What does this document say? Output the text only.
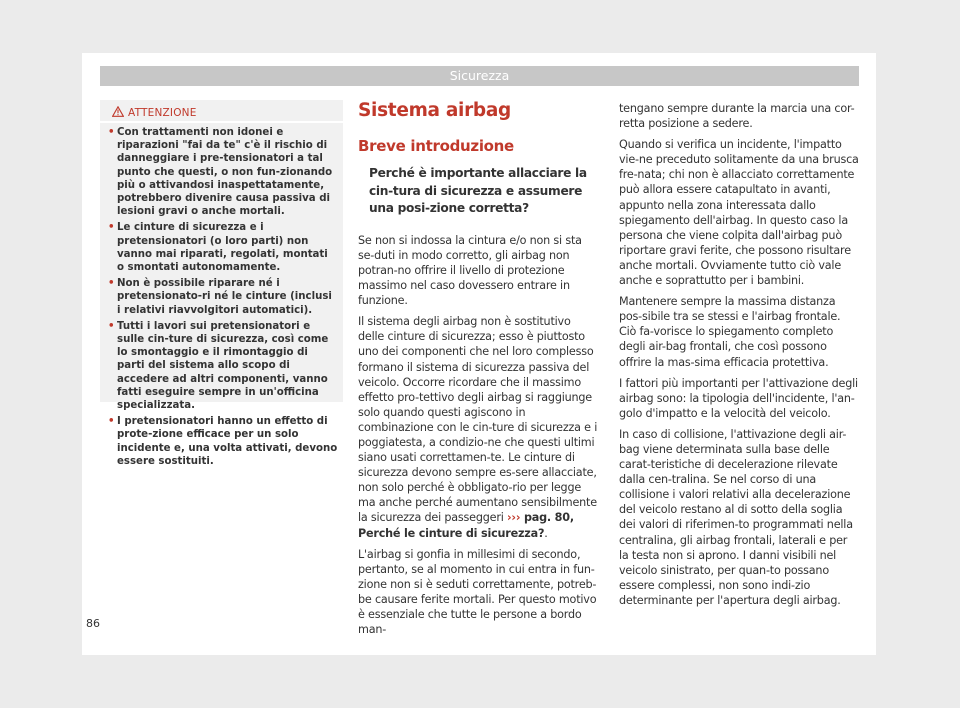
Sicurezza
ATTENZIONE
• Con trattamenti non idonei e riparazioni "fai da te" c'è il rischio di danneggiare i pre-tensionatori a tal punto che questi, o non fun-zionando più o attivandosi inaspettatamente, potrebbero divenire causa passiva di lesioni gravi o anche mortali.
• Le cinture di sicurezza e i pretensionatori (o loro parti) non vanno mai riparati, regolati, montati o smontati autonomamente.
• Non è possibile riparare né i pretensionato-ri né le cinture (inclusi i relativi riavvolgitori automatici).
• Tutti i lavori sui pretensionatori e sulle cin-ture di sicurezza, così come lo smontaggio e il rimontaggio di parti del sistema allo scopo di accedere ad altri componenti, vanno fatti eseguire sempre in un'officina specializzata.
• I pretensionatori hanno un effetto di prote-zione efficace per un solo incidente e, una volta attivati, devono essere sostituiti.
Sistema airbag
Breve introduzione
Perché è importante allacciare la cin-tura di sicurezza e assumere una posi-zione corretta?

Se non si indossa la cintura e/o non si sta se-duti in modo corretto, gli airbag non potran-no offrire il livello di protezione massimo nel caso dovessero entrare in funzione.

Il sistema degli airbag non è sostitutivo delle cinture di sicurezza; esso è piuttosto uno dei componenti che nel loro complesso formano il sistema di sicurezza passiva del veicolo. Occorre ricordare che il massimo effetto pro-tettivo degli airbag si raggiunge solo quando questi agiscono in combinazione con le cin-ture di sicurezza e i poggiatesta, a condizio-ne che questi ultimi siano usati correttamen-te. Le cinture di sicurezza devono sempre es-sere allacciate, non solo perché è obbligato-rio per legge ma anche perché aumentano sensibilmente la sicurezza dei passeggeri ››› pag. 80, Perché le cinture di sicurezza?.

L'airbag si gonfia in millesimi di secondo, pertanto, se al momento in cui entra in fun-zione non si è seduti correttamente, potreb-be causare ferite mortali. Per questo motivo è essenziale che tutte le persone a bordo man-

tengano sempre durante la marcia una cor-retta posizione a sedere.

Quando si verifica un incidente, l'impatto vie-ne preceduto solitamente da una brusca fre-nata; chi non è allacciato correttamente può allora essere catapultato in avanti, appunto nella zona interessata dallo spiegamento dell'airbag. In questo caso la persona che viene colpita dall'airbag può riportare gravi ferite, che possono risultare anche mortali. Ovviamente tutto ciò vale anche e soprattutto per i bambini.

Mantenere sempre la massima distanza pos-sibile tra se stessi e l'airbag frontale. Ciò fa-vorisce lo spiegamento completo degli air-bag frontali, che così possono offrire la mas-sima efficacia protettiva.

I fattori più importanti per l'attivazione degli airbag sono: la tipologia dell'incidente, l'an-golo d'impatto e la velocità del veicolo.

In caso di collisione, l'attivazione degli air-bag viene determinata sulla base delle carat-teristiche di decelerazione rilevate dalla cen-tralina. Se nel corso di una collisione i valori relativi alla decelerazione del veicolo restano al di sotto della soglia dei valori di riferimen-to programmati nella centralina, gli airbag frontali, laterali e per la testa non si aprono. I danni visibili nel veicolo sinistrato, per quan-to possano essere complessi, non sono indi-zio determinante per l'apertura degli airbag.

86
